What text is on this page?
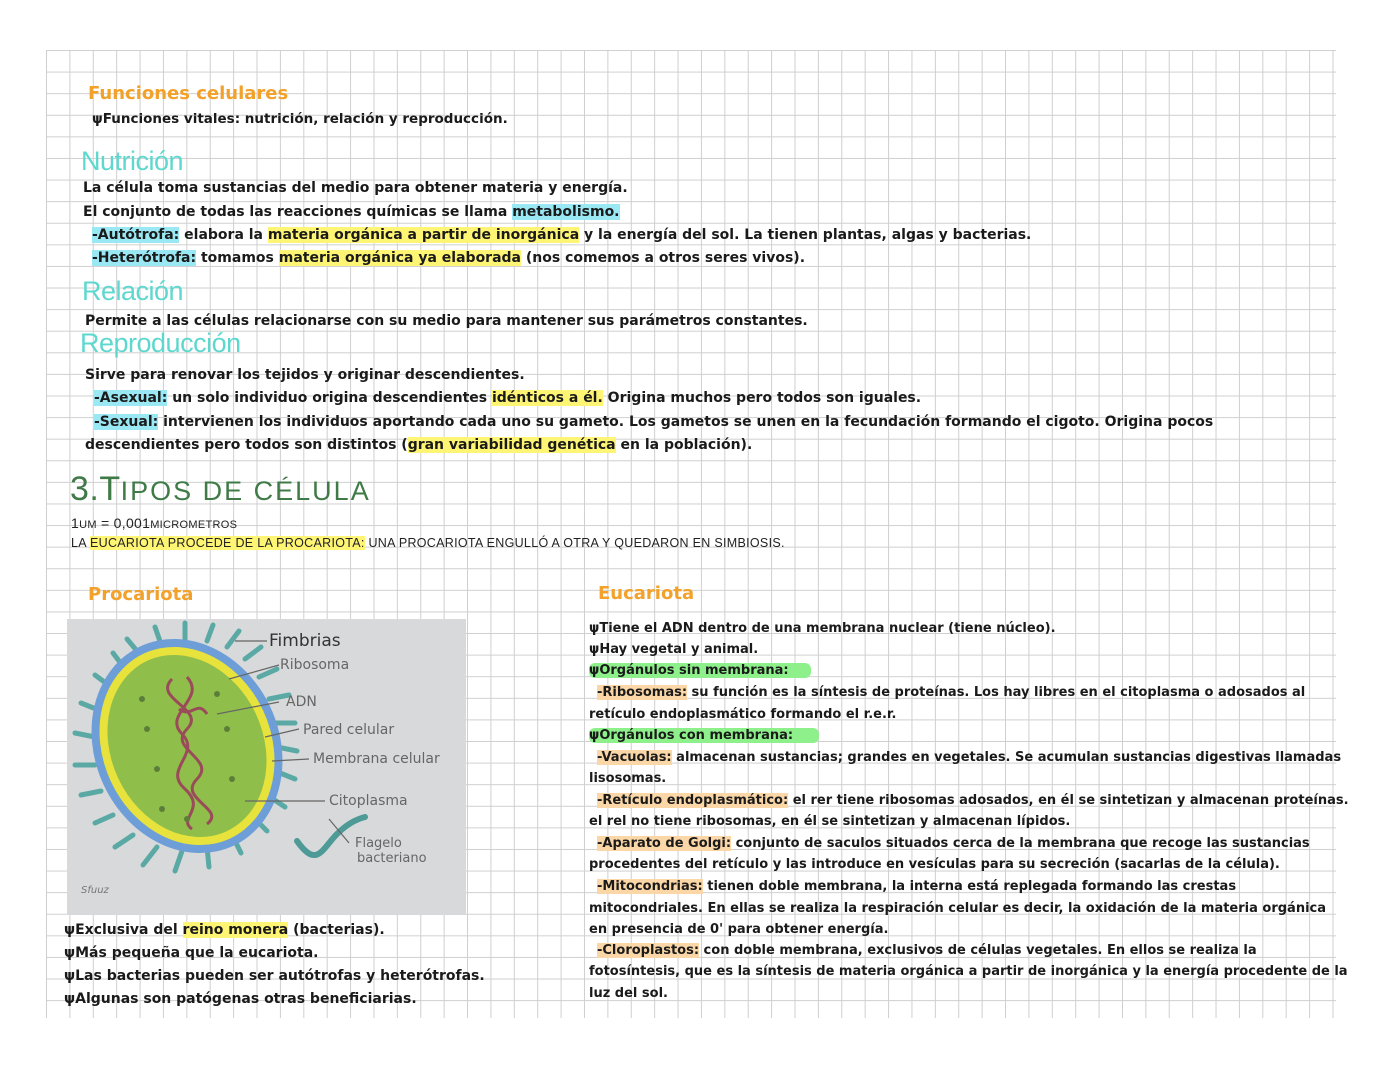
Funciones celulares
ψFunciones vitales: nutrición, relación y reproducción.
Nutrición
La célula toma sustancias del medio para obtener materia y energía.
El conjunto de todas las reacciones químicas se llama metabolismo.
-Autótrofa: elabora la materia orgánica a partir de inorgánica y la energía del sol. La tienen plantas, algas y bacterias.
-Heterótrofa: tomamos materia orgánica ya elaborada (nos comemos a otros seres vivos).
Relación
Permite a las células relacionarse con su medio para mantener sus parámetros constantes.
Reproducción
Sirve para renovar los tejidos y originar descendientes.
-Asexual: un solo individuo origina descendientes idénticos a él. Origina muchos pero todos son iguales.
-Sexual: intervienen los individuos aportando cada uno su gameto. Los gametos se unen en la fecundación formando el cigoto. Origina pocos
descendientes pero todos son distintos (gran variabilidad genética en la población).
3.TIPOS DE CÉLULA
1UM = 0,001MICROMETROS
LA EUCARIOTA PROCEDE DE LA PROCARIOTA: UNA PROCARIOTA ENGULLÓ A OTRA Y QUEDARON EN SIMBIOSIS.
Procariota
Fimbrias
Ribosoma
ADN
Pared celular
Membrana celular
Citoplasma
Flagelo
bacteriano
Sfuuz
ψExclusiva del reino monera (bacterias).
ψMás pequeña que la eucariota.
ψLas bacterias pueden ser autótrofas y heterótrofas.
ψAlgunas son patógenas otras beneficiarias.
Eucariota
ψTiene el ADN dentro de una membrana nuclear (tiene núcleo).
ψHay vegetal y animal.
ψOrgánulos sin membrana:
-Ribosomas: su función es la síntesis de proteínas. Los hay libres en el citoplasma o adosados al
retículo endoplasmático formando el r.e.r.
ψOrgánulos con membrana:
-Vacuolas: almacenan sustancias; grandes en vegetales. Se acumulan sustancias digestivas llamadas
lisosomas.
-Retículo endoplasmático: el rer tiene ribosomas adosados, en él se sintetizan y almacenan proteínas.
el rel no tiene ribosomas, en él se sintetizan y almacenan lípidos.
-Aparato de Golgi: conjunto de saculos situados cerca de la membrana que recoge las sustancias
procedentes del retículo y las introduce en vesículas para su secreción (sacarlas de la célula).
-Mitocondrias: tienen doble membrana, la interna está replegada formando las crestas
mitocondriales. En ellas se realiza la respiración celular es decir, la oxidación de la materia orgánica
en presencia de 0' para obtener energía.
-Cloroplastos: con doble membrana, exclusivos de células vegetales. En ellos se realiza la
fotosíntesis, que es la síntesis de materia orgánica a partir de inorgánica y la energía procedente de la
luz del sol.
